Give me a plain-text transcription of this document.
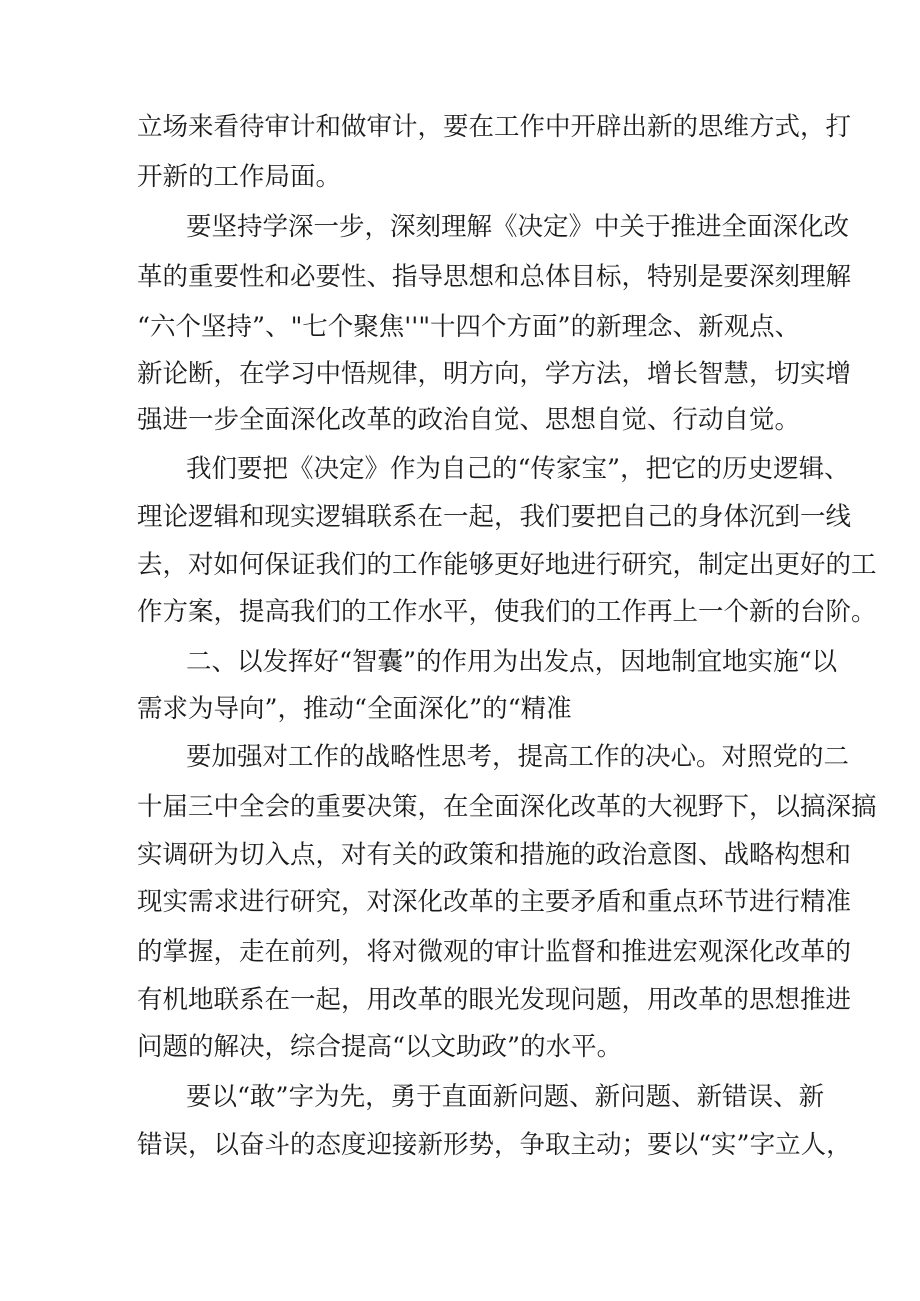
立场来看待审计和做审计，要在工作中开辟出新的思维方式，打
开新的工作局面。
要坚持学深一步，深刻理解《决定》中关于推进全面深化改
革的重要性和必要性、指导思想和总体目标，特别是要深刻理解
“六个坚持”、"七个聚焦''"十四个方面”的新理念、新观点、
新论断，在学习中悟规律，明方向，学方法，增长智慧，切实增
强进一步全面深化改革的政治自觉、思想自觉、行动自觉。
我们要把《决定》作为自己的“传家宝”，把它的历史逻辑、
理论逻辑和现实逻辑联系在一起，我们要把自己的身体沉到一线
去，对如何保证我们的工作能够更好地进行研究，制定出更好的工
作方案，提高我们的工作水平，使我们的工作再上一个新的台阶。
二、以发挥好“智囊”的作用为出发点，因地制宜地实施“以
需求为导向”，推动“全面深化”的“精准
要加强对工作的战略性思考，提高工作的决心。对照党的二
十届三中全会的重要决策，在全面深化改革的大视野下，以搞深搞
实调研为切入点，对有关的政策和措施的政治意图、战略构想和
现实需求进行研究，对深化改革的主要矛盾和重点环节进行精准
的掌握，走在前列，将对微观的审计监督和推进宏观深化改革的
有机地联系在一起，用改革的眼光发现问题，用改革的思想推进
问题的解决，综合提高“以文助政”的水平。
要以“敢”字为先，勇于直面新问题、新问题、新错误、新
错误，以奋斗的态度迎接新形势，争取主动；要以“实”字立人，
